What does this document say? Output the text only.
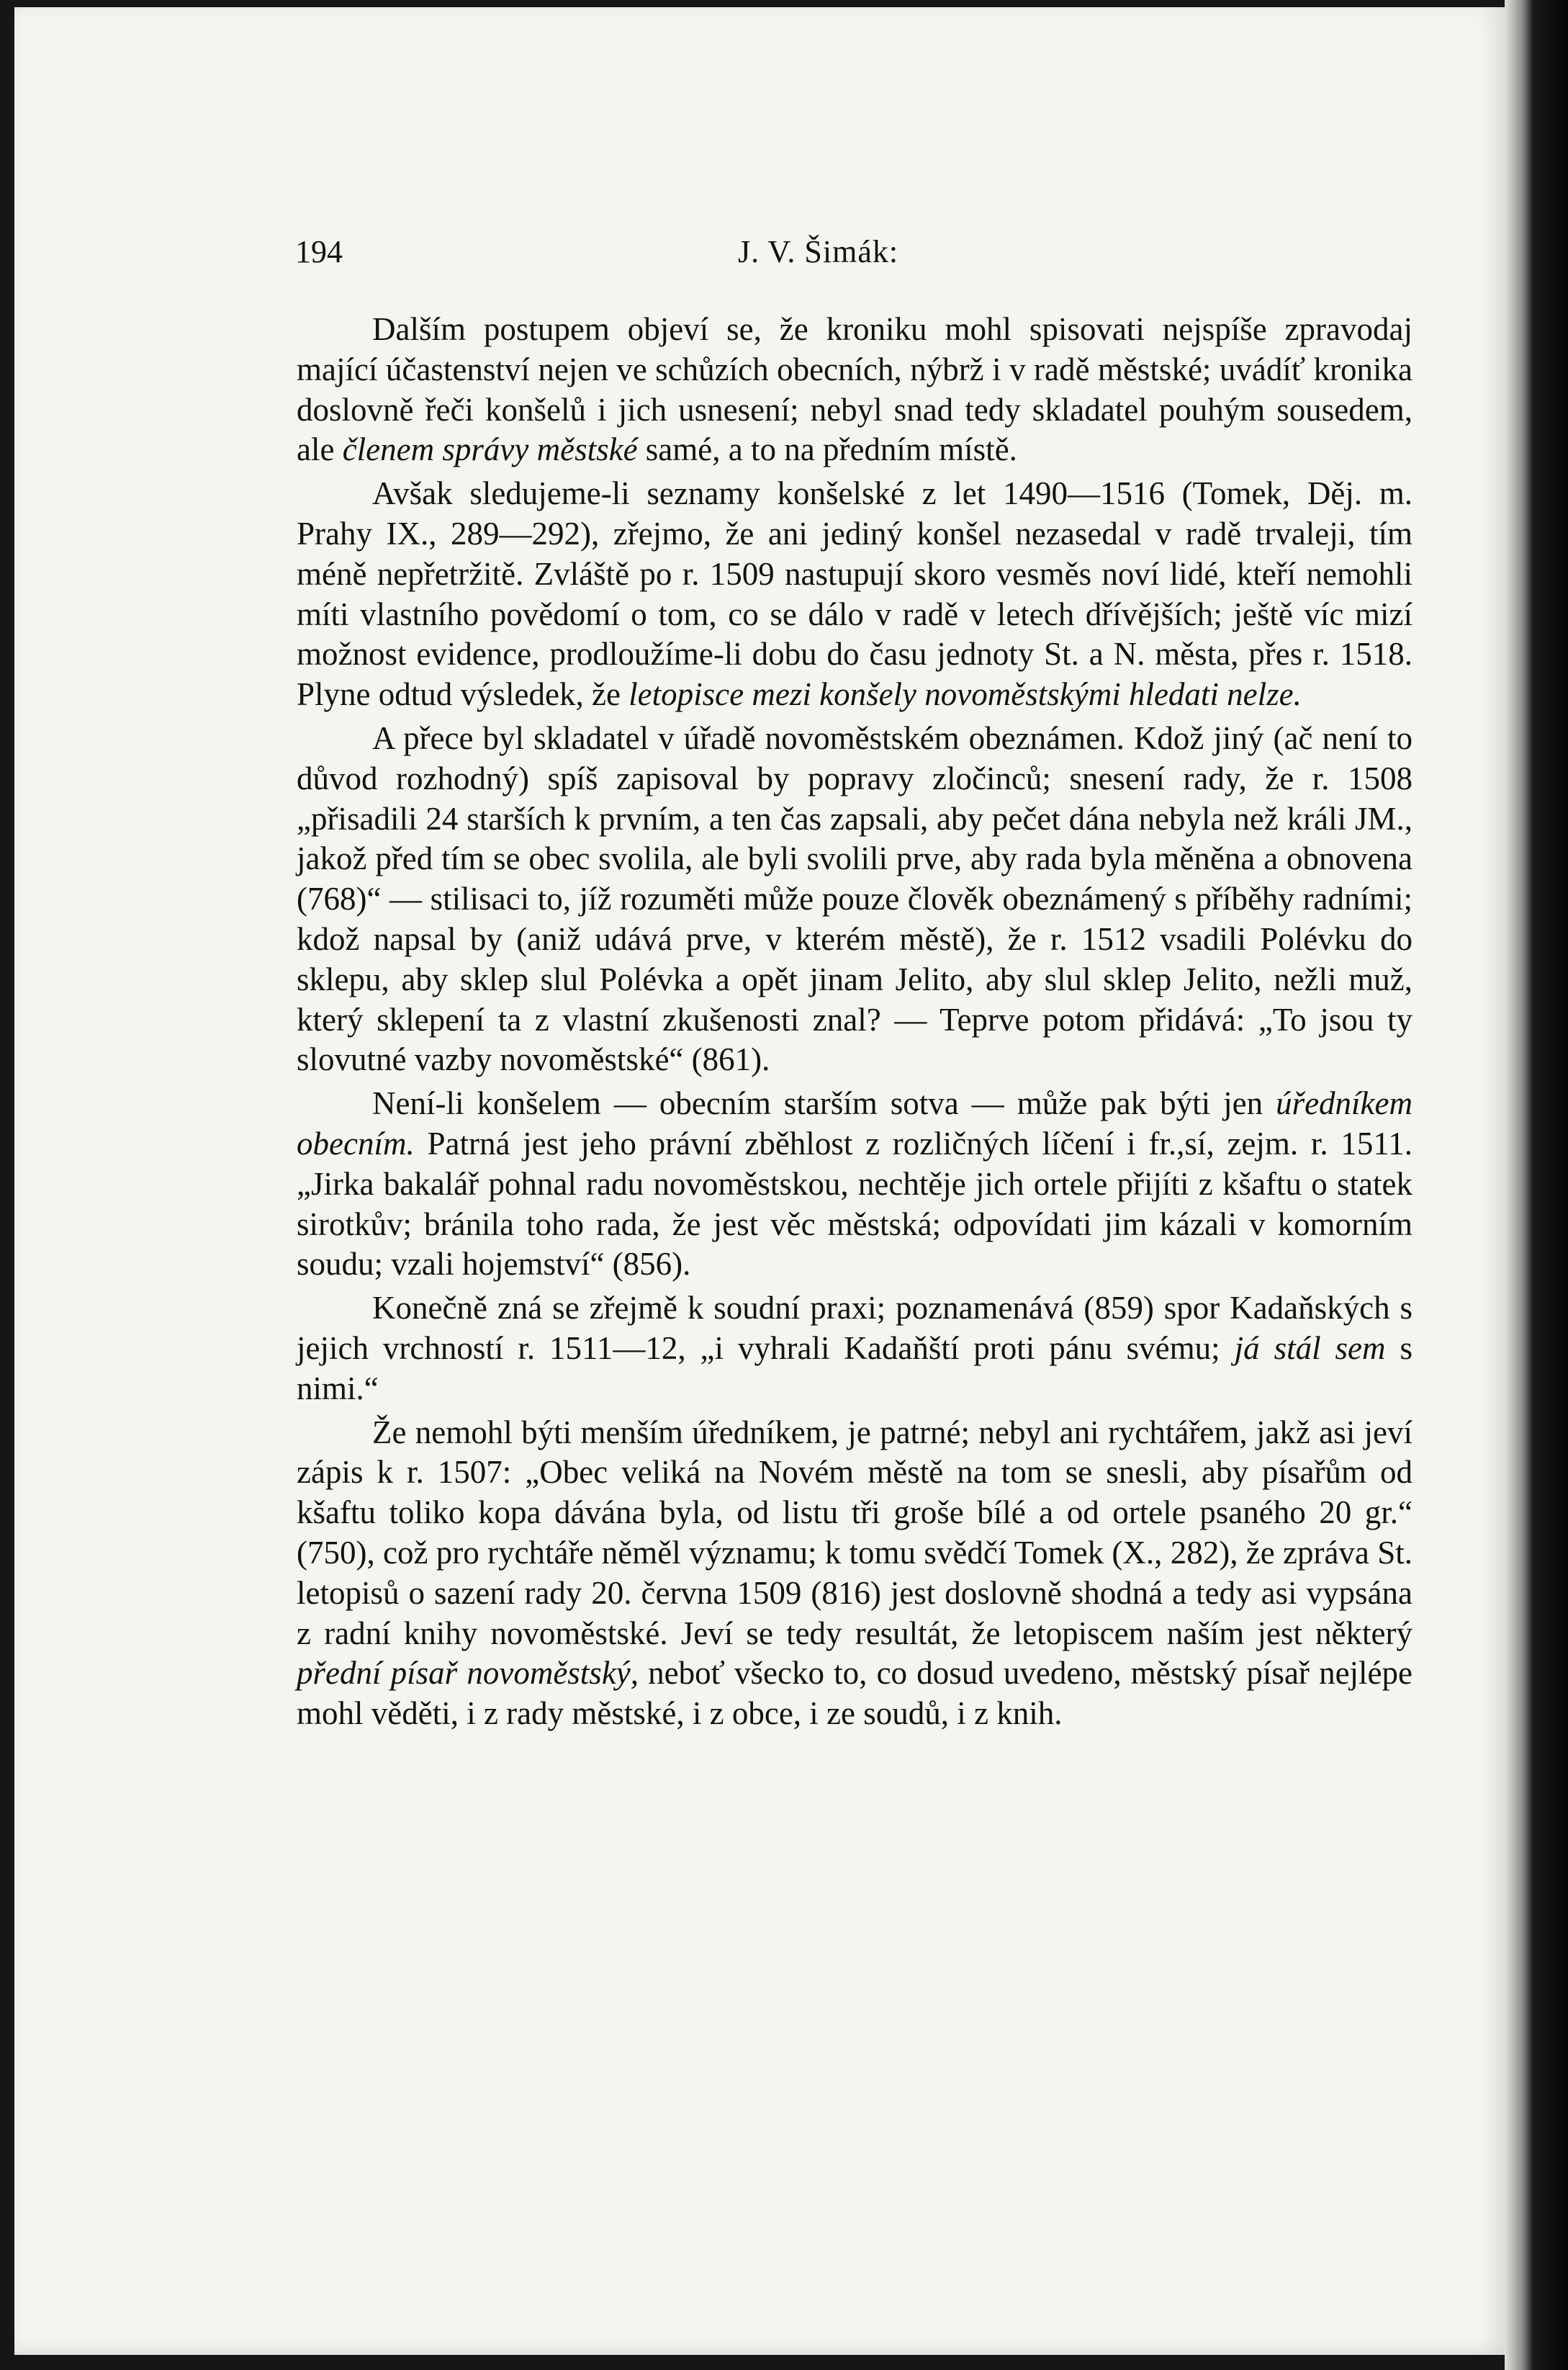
194	J. V. Šimák:

Dalším postupem objeví se, že kroniku mohl spisovati nejspíše zpravodaj mající účastenství nejen ve schůzích obecních, nýbrž i v radě městské; uvádíť kronika doslovně řeči konšelů i jich usnesení; nebyl snad tedy skladatel pouhým sousedem, ale členem správy městské samé, a to na předním místě.

Avšak sledujeme-li seznamy konšelské z let 1490—1516 (Tomek, Děj. m. Prahy IX., 289—292), zřejmo, že ani jediný konšel nezasedal v radě trvaleji, tím méně nepřetržitě. Zvláště po r. 1509 nastupují skoro vesměs noví lidé, kteří nemohli míti vlastního povědomí o tom, co se dálo v radě v letech dřívějších; ještě víc mizí možnost evidence, prodloužíme-li dobu do času jednoty St. a N. města, přes r. 1518. Plyne odtud výsledek, že letopisce mezi konšely novoměstskými hledati nelze.

A přece byl skladatel v úřadě novoměstském obeznámen. Kdož jiný (ač není to důvod rozhodný) spíš zapisoval by popravy zločinců; snesení rady, že r. 1508 „přisadili 24 starších k prvním, a ten čas zapsali, aby pečet dána nebyla než králi JM., jakož před tím se obec svolila, ale byli svolili prve, aby rada byla měněna a obnovena (768)“ — stilisaci to, jíž rozuměti může pouze člověk obeznámený s příběhy radními; kdož napsal by (aniž udává prve, v kterém městě), že r. 1512 vsadili Polévku do sklepu, aby sklep slul Polévka a opět jinam Jelito, aby slul sklep Jelito, nežli muž, který sklepení ta z vlastní zkušenosti znal? — Teprve potom přidává: „To jsou ty slovutné vazby novoměstské“ (861).

Není-li konšelem — obecním starším sotva — může pak býti jen úředníkem obecním. Patrná jest jeho právní zběhlost z rozličných líčení i fr.,sí, zejm. r. 1511. „Jirka bakalář pohnal radu novoměstskou, nechtěje jich ortele přijíti z kšaftu o statek sirotkův; bránila toho rada, že jest věc městská; odpovídati jim kázali v komorním soudu; vzali hojemství“ (856).

Konečně zná se zřejmě k soudní praxi; poznamenává (859) spor Kadaňských s jejich vrchností r. 1511—12, „i vyhrali Kadaňští proti pánu svému; já stál sem s nimi.“

Že nemohl býti menším úředníkem, je patrné; nebyl ani rychtářem, jakž asi jeví zápis k r. 1507: „Obec veliká na Novém městě na tom se snesli, aby písařům od kšaftu toliko kopa dávána byla, od listu tři groše bílé a od ortele psaného 20 gr.“ (750), což pro rychtáře něměl významu; k tomu svědčí Tomek (X., 282), že zpráva St. letopisů o sazení rady 20. června 1509 (816) jest doslovně shodná a tedy asi vypsána z radní knihy novoměstské. Jeví se tedy resultát, že letopiscem naším jest některý přední písař novoměstský, neboť všecko to, co dosud uvedeno, městský písař nejlépe mohl věděti, i z rady městské, i z obce, i ze soudů, i z knih.
